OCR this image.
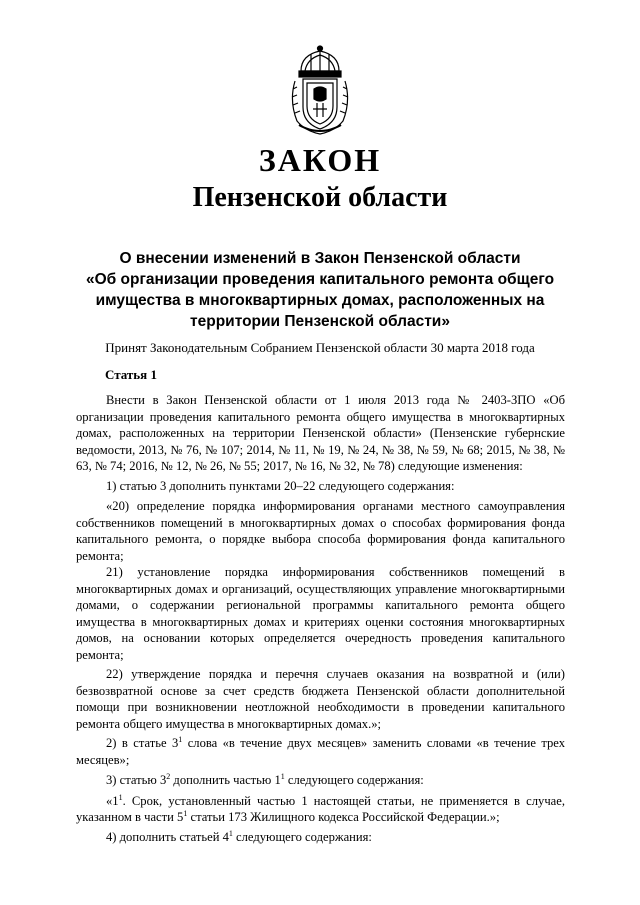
ЗАКОН
Пензенской области
О внесении изменений в Закон Пензенской области
«Об организации проведения капитального ремонта общего
имущества в многоквартирных домах, расположенных на
территории Пензенской области»
Принят Законодательным Собранием Пензенской области 30 марта 2018 года
Статья 1

Внести в Закон Пензенской области от 1 июля 2013 года № 2403-ЗПО «Об организации проведения капитального ремонта общего имущества в многоквартирных домах, расположенных на территории Пензенской области» (Пензенские губернские ведомости, 2013, № 76, № 107; 2014, № 11, № 19, № 24, № 38, № 59, № 68; 2015, № 38, № 63, № 74; 2016, № 12, № 26, № 55; 2017, № 16, № 32, № 78) следующие изменения:

1) статью 3 дополнить пунктами 20–22 следующего содержания:

«20) определение порядка информирования органами местного самоуправления собственников помещений в многоквартирных домах о способах формирования фонда капитального ремонта, о порядке выбора способа формирования фонда капитального ремонта;

21) установление порядка информирования собственников помещений в многоквартирных домах и организаций, осуществляющих управление многоквартирными домами, о содержании региональной программы капитального ремонта общего имущества в многоквартирных домах и критериях оценки состояния многоквартирных домов, на основании которых определяется очередность проведения капитального ремонта;

22) утверждение порядка и перечня случаев оказания на возвратной и (или) безвозвратной основе за счет средств бюджета Пензенской области дополнительной помощи при возникновении неотложной необходимости в проведении капитального ремонта общего имущества в многоквартирных домах.»;

2) в статье $3^1$ слова «в течение двух месяцев» заменить словами «в течение трех месяцев»;

3) статью $3^2$ дополнить частью $1^1$ следующего содержания:

«$1^1$. Срок, установленный частью 1 настоящей статьи, не применяется в случае, указанном в части $5^1$ статьи 173 Жилищного кодекса Российской Федерации.»;

4) дополнить статьей $4^1$ следующего содержания:
